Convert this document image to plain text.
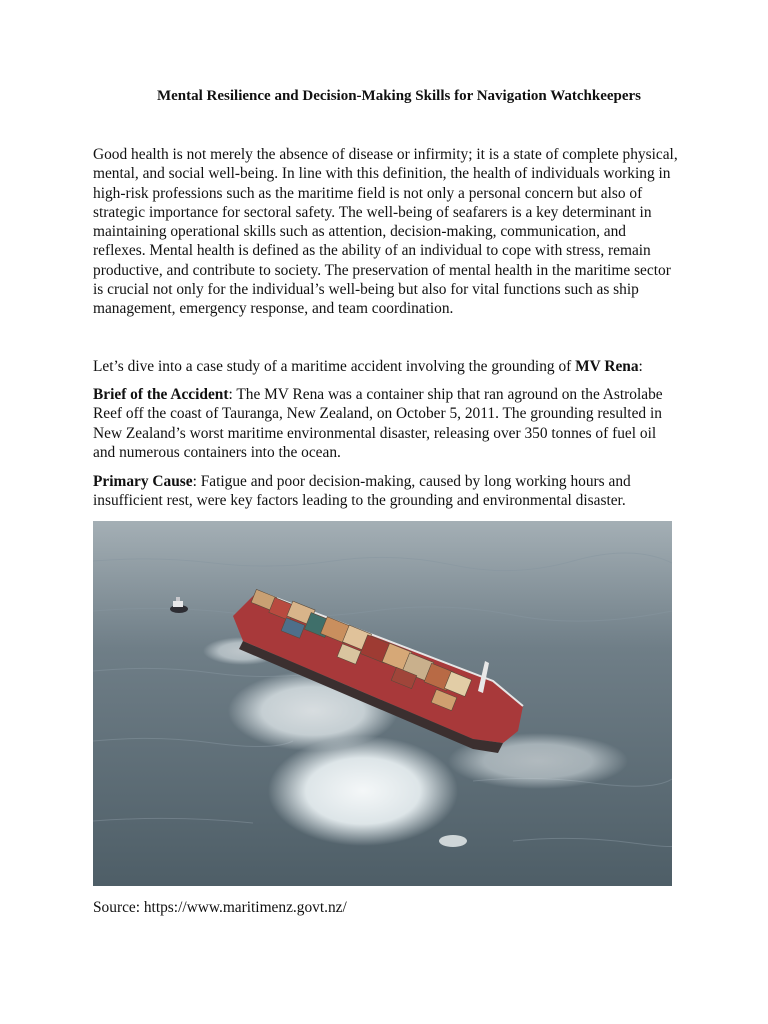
Mental Resilience and Decision-Making Skills for Navigation Watchkeepers

Good health is not merely the absence of disease or infirmity; it is a state of complete physical, mental, and social well-being. In line with this definition, the health of individuals working in high-risk professions such as the maritime field is not only a personal concern but also of strategic importance for sectoral safety. The well-being of seafarers is a key determinant in maintaining operational skills such as attention, decision-making, communication, and reflexes. Mental health is defined as the ability of an individual to cope with stress, remain productive, and contribute to society. The preservation of mental health in the maritime sector is crucial not only for the individual’s well-being but also for vital functions such as ship management, emergency response, and team coordination.

Let’s dive into a case study of a maritime accident involving the grounding of MV Rena:

Brief of the Accident: The MV Rena was a container ship that ran aground on the Astrolabe Reef off the coast of Tauranga, New Zealand, on October 5, 2011. The grounding resulted in New Zealand’s worst maritime environmental disaster, releasing over 350 tonnes of fuel oil and numerous containers into the ocean.

Primary Cause: Fatigue and poor decision-making, caused by long working hours and insufficient rest, were key factors leading to the grounding and environmental disaster.

Source: https://www.maritimenz.govt.nz/
